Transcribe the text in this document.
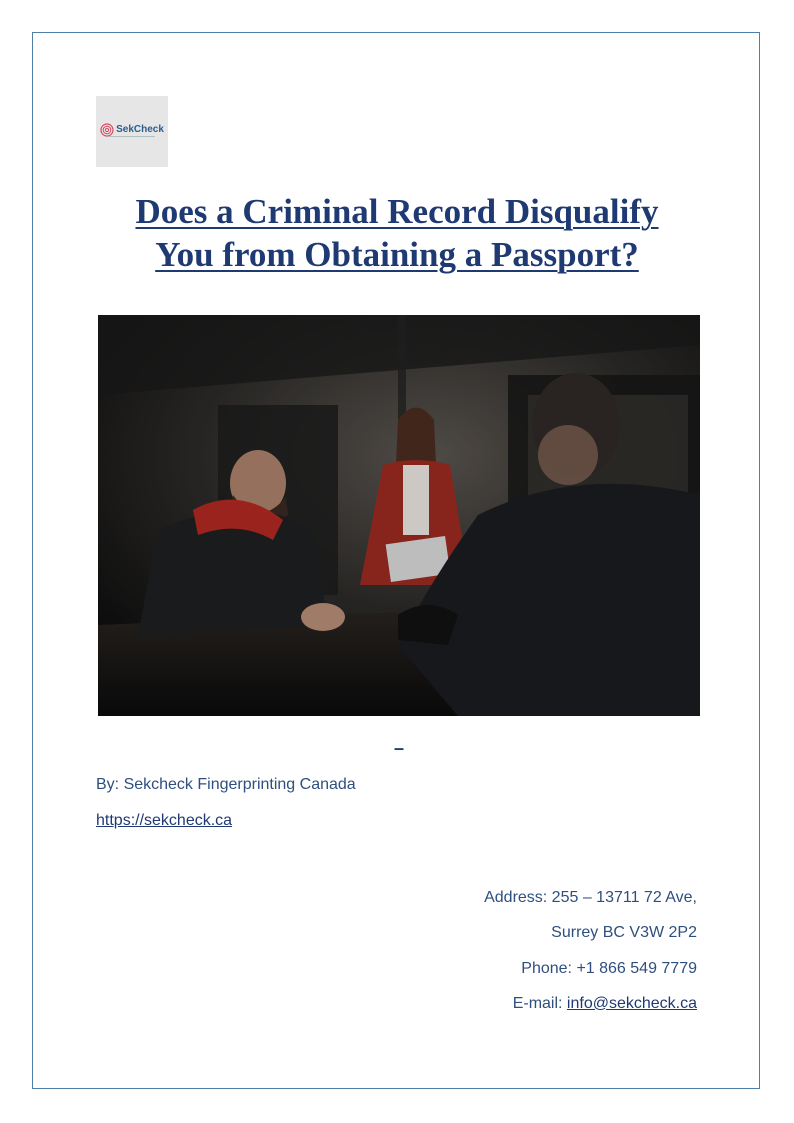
SekCheck
Does a Criminal Record Disqualify
You from Obtaining a Passport?
–
By: Sekcheck Fingerprinting Canada
https://sekcheck.ca
Address: 255 – 13711 72 Ave,
Surrey BC V3W 2P2
Phone: +1 866 549 7779
E-mail: info@sekcheck.ca
